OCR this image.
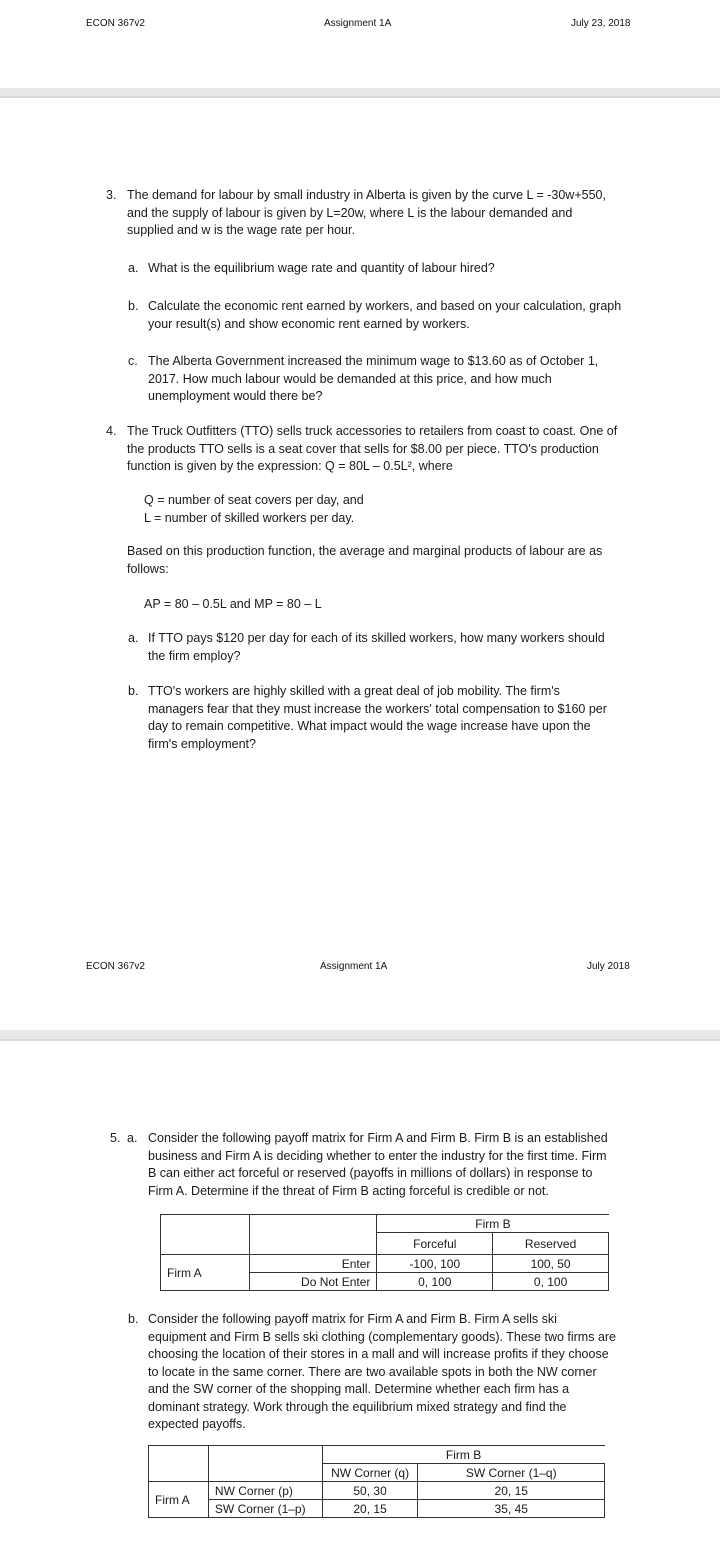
ECON 367v2	Assignment 1A	July 23, 2018
3. The demand for labour by small industry in Alberta is given by the curve L = -30w+550,
and the supply of labour is given by L=20w, where L is the labour demanded and
supplied and w is the wage rate per hour.
a. What is the equilibrium wage rate and quantity of labour hired?
b. Calculate the economic rent earned by workers, and based on your calculation, graph
your result(s) and show economic rent earned by workers.
c. The Alberta Government increased the minimum wage to $13.60 as of October 1,
2017. How much labour would be demanded at this price, and how much
unemployment would there be?
4. The Truck Outfitters (TTO) sells truck accessories to retailers from coast to coast. One of
the products TTO sells is a seat cover that sells for $8.00 per piece. TTO's production
function is given by the expression: Q = 80L – 0.5L², where
Q = number of seat covers per day, and
L = number of skilled workers per day.
Based on this production function, the average and marginal products of labour are as
follows:
AP = 80 – 0.5L and MP = 80 – L
a. If TTO pays $120 per day for each of its skilled workers, how many workers should
the firm employ?
b. TTO's workers are highly skilled with a great deal of job mobility. The firm's
managers fear that they must increase the workers' total compensation to $160 per
day to remain competitive. What impact would the wage increase have upon the
firm's employment?
ECON 367v2	Assignment 1A	July 2018
5. a. Consider the following payoff matrix for Firm A and Firm B. Firm B is an established
business and Firm A is deciding whether to enter the industry for the first time. Firm
B can either act forceful or reserved (payoffs in millions of dollars) in response to
Firm A. Determine if the threat of Firm B acting forceful is credible or not.
		Firm B	
		Forceful	Reserved
Firm A	Enter	-100, 100	100, 50
	Do Not Enter	0, 100	0, 100
b. Consider the following payoff matrix for Firm A and Firm B. Firm A sells ski
equipment and Firm B sells ski clothing (complementary goods). These two firms are
choosing the location of their stores in a mall and will increase profits if they choose
to locate in the same corner. There are two available spots in both the NW corner
and the SW corner of the shopping mall. Determine whether each firm has a
dominant strategy. Work through the equilibrium mixed strategy and find the
expected payoffs.
		Firm B	
		NW Corner (q)	SW Corner (1–q)
Firm A	NW Corner (p)	50, 30	20, 15
	SW Corner (1–p)	20, 15	35, 45
